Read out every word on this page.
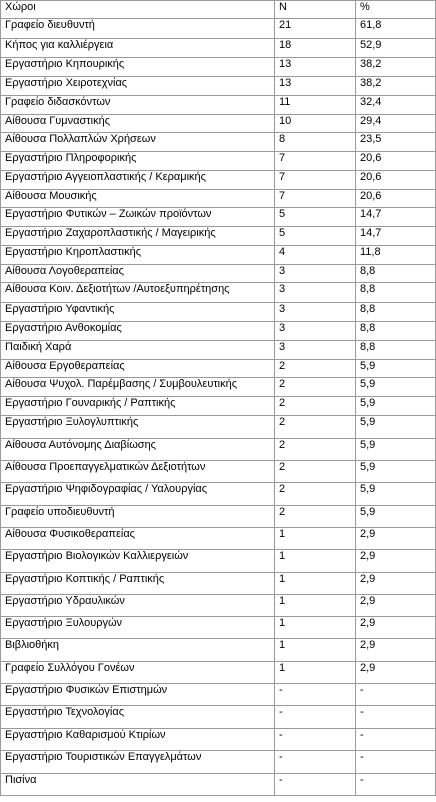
Χώροι	Ν	%
Γραφείο διευθυντή	21	61,8
Κήπος για καλλιέργεια	18	52,9
Εργαστήριο Κηπουρικής	13	38,2
Εργαστήριο Χειροτεχνίας	13	38,2
Γραφείο διδασκόντων	11	32,4
Αίθουσα Γυμναστικής	10	29,4
Αίθουσα Πολλαπλών Χρήσεων	8	23,5
Εργαστήριο Πληροφορικής	7	20,6
Εργαστήριο Αγγειοπλαστικής / Κεραμικής	7	20,6
Αίθουσα Μουσικής	7	20,6
Εργαστήριο Φυτικών – Ζωικών προϊόντων	5	14,7
Εργαστήριο Ζαχαροπλαστικής / Μαγειρικής	5	14,7
Εργαστήριο Κηροπλαστικής	4	11,8
Αίθουσα Λογοθεραπείας	3	8,8
Αίθουσα Κοιν. Δεξιοτήτων /Αυτοεξυπηρέτησης	3	8,8
Εργαστήριο Υφαντικής	3	8,8
Εργαστήριο Ανθοκομίας	3	8,8
Παιδική Χαρά	3	8,8
Αίθουσα Εργοθεραπείας	2	5,9
Αίθουσα Ψυχολ. Παρέμβασης / Συμβουλευτικής	2	5,9
Εργαστήριο Γουναρικής / Ραπτικής	2	5,9
Εργαστήριο Ξυλογλυπτικής	2	5,9
Αίθουσα Αυτόνομης Διαβίωσης	2	5,9
Αίθουσα Προεπαγγελματικών Δεξιοτήτων	2	5,9
Εργαστήριο Ψηφιδογραφίας / Υαλουργίας	2	5,9
Γραφείο υποδιευθυντή	2	5,9
Αίθουσα Φυσικοθεραπείας	1	2,9
Εργαστήριο Βιολογικών Καλλιεργειών	1	2,9
Εργαστήριο Κοπτικής / Ραπτικής	1	2,9
Εργαστήριο Υδραυλικών	1	2,9
Εργαστήριο Ξυλουργών	1	2,9
Βιβλιοθήκη	1	2,9
Γραφείο Συλλόγου Γονέων	1	2,9
Εργαστήριο Φυσικών Επιστημών	-	-
Εργαστήριο Τεχνολογίας	-	-
Εργαστήριο Καθαρισμού Κτιρίων	-	-
Εργαστήριο Τουριστικών Επαγγελμάτων	-	-
Πισίνα	-	-
